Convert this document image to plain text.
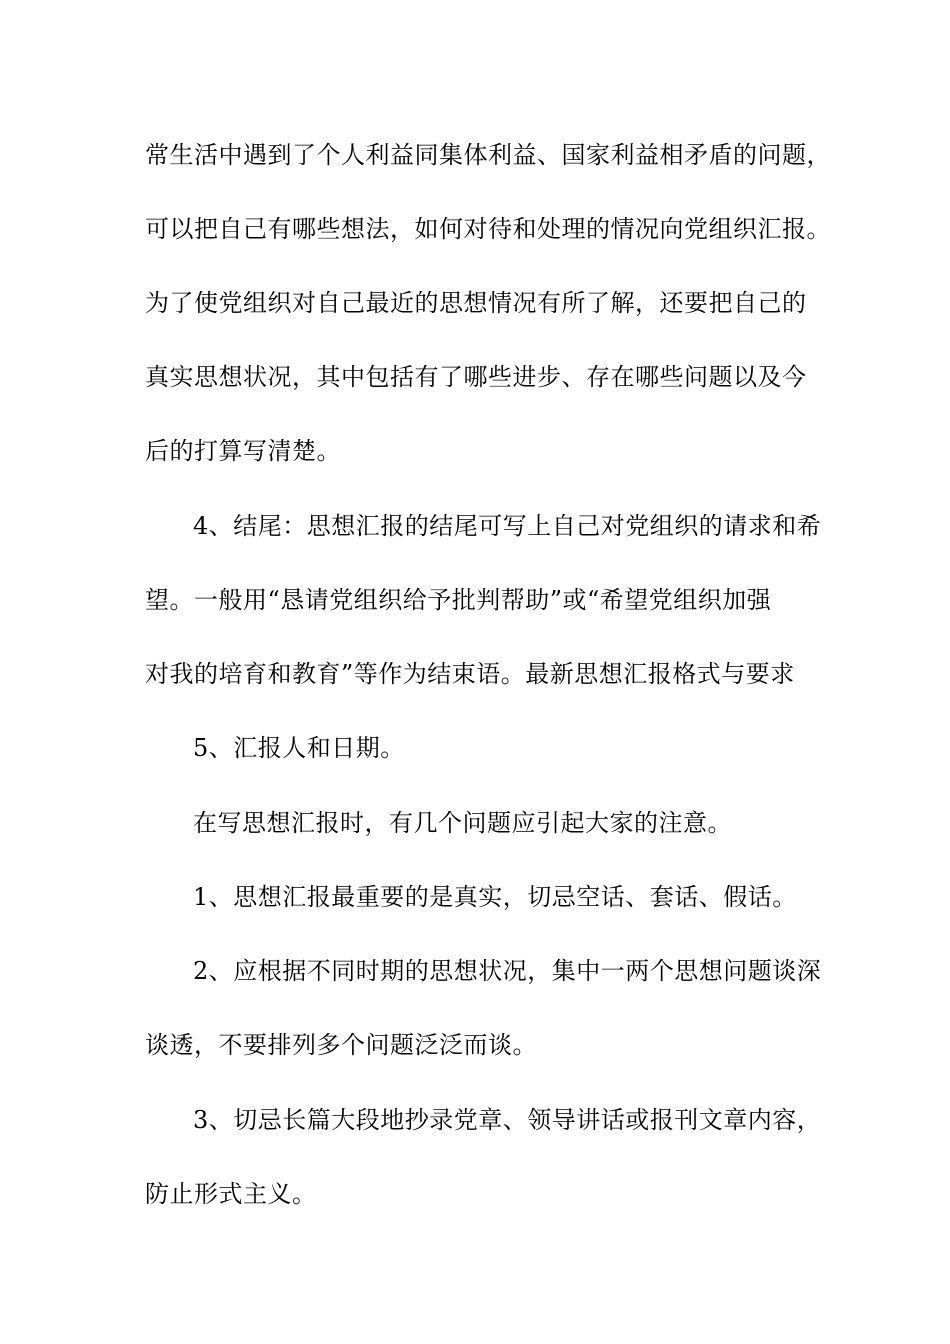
常生活中遇到了个人利益同集体利益、国家利益相矛盾的问题，
可以把自己有哪些想法，如何对待和处理的情况向党组织汇报。
为了使党组织对自己最近的思想情况有所了解，还要把自己的
真实思想状况，其中包括有了哪些进步、存在哪些问题以及今
后的打算写清楚。
4、结尾：思想汇报的结尾可写上自己对党组织的请求和希
望。一般用“恳请党组织给予批判帮助”或“希望党组织加强
对我的培育和教育”等作为结束语。最新思想汇报格式与要求
5、汇报人和日期。
在写思想汇报时，有几个问题应引起大家的注意。
1、思想汇报最重要的是真实，切忌空话、套话、假话。
2、应根据不同时期的思想状况，集中一两个思想问题谈深
谈透，不要排列多个问题泛泛而谈。
3、切忌长篇大段地抄录党章、领导讲话或报刊文章内容，
防止形式主义。
